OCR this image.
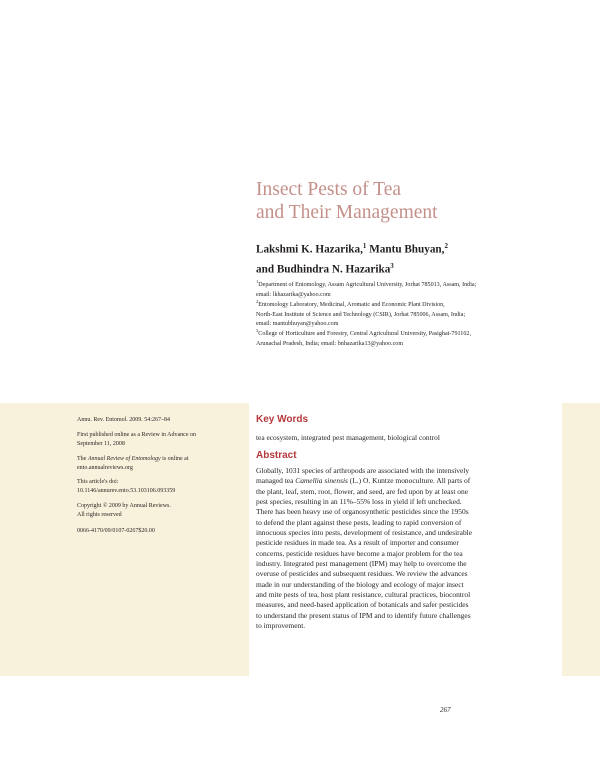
Insect Pests of Tea
and Their Management
Lakshmi K. Hazarika,$^1$ Mantu Bhuyan,$^2$
and Budhindra N. Hazarika$^3$
$^1$Department of Entomology, Assam Agricultural University, Jorhat 785013, Assam, India;
email: lkhazarika@yahoo.com
$^2$Entomology Laboratory, Medicinal, Aromatic and Economic Plant Division,
North-East Institute of Science and Technology (CSIR), Jorhat 785006, Assam, India;
email: mantubhuyan@yahoo.com
$^3$College of Horticulture and Forestry, Central Agricultural University, Pasighat-791102,
Arunachal Pradesh, India; email: bnhazarika13@yahoo.com
Annu. Rev. Entomol. 2009. 54:267–84
First published online as a Review in Advance on
September 11, 2008
The Annual Review of Entomology is online at
ento.annualreviews.org
This article's doi:
10.1146/annurev.ento.53.103106.093359
Copyright © 2009 by Annual Reviews.
All rights reserved
0066-4170/09/0107-0267$20.00
Key Words
tea ecosystem, integrated pest management, biological control
Abstract
Globally, 1031 species of arthropods are associated with the intensively
managed tea Camellia sinensis (L.) O. Kuntze monoculture. All parts of
the plant, leaf, stem, root, flower, and seed, are fed upon by at least one
pest species, resulting in an 11%–55% loss in yield if left unchecked.
There has been heavy use of organosynthetic pesticides since the 1950s
to defend the plant against these pests, leading to rapid conversion of
innocuous species into pests, development of resistance, and undesirable
pesticide residues in made tea. As a result of importer and consumer
concerns, pesticide residues have become a major problem for the tea
industry. Integrated pest management (IPM) may help to overcome the
overuse of pesticides and subsequent residues. We review the advances
made in our understanding of the biology and ecology of major insect
and mite pests of tea, host plant resistance, cultural practices, biocontrol
measures, and need-based application of botanicals and safer pesticides
to understand the present status of IPM and to identify future challenges
to improvement.
267
